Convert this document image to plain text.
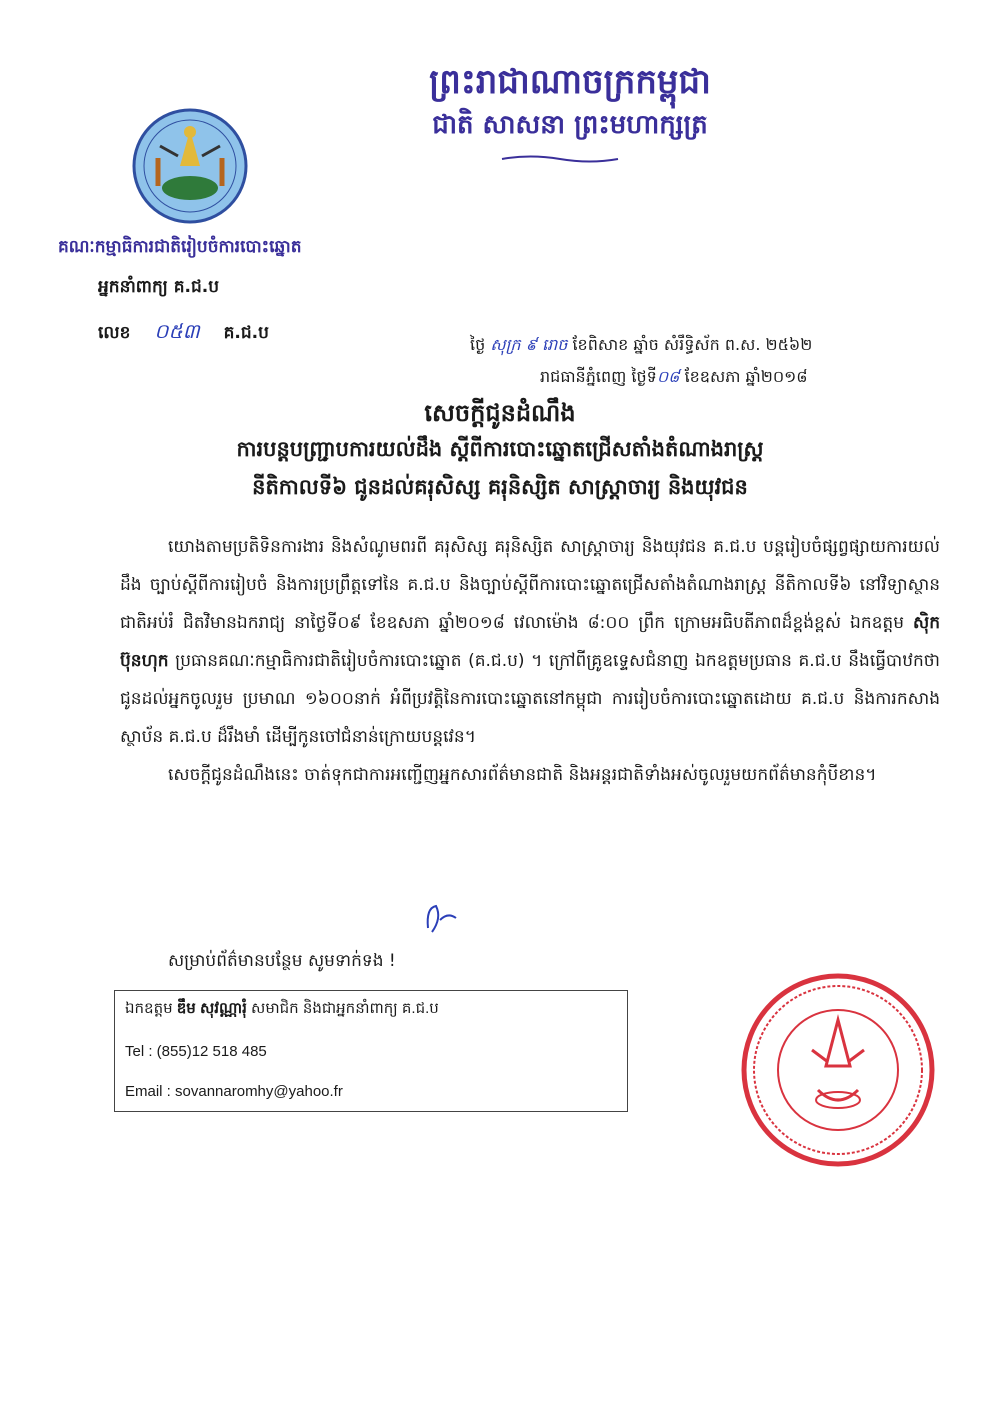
ព្រះរាជាណាចក្រកម្ពុជា
ជាតិ សាសនា ព្រះមហាក្សត្រ
គណៈកម្មាធិការជាតិរៀបចំការបោះឆ្នោត
អ្នកនាំពាក្យ គ.ជ.ប
លេខ ០៥៣ គ.ជ.ប
ថ្ងៃ សុក្រ ៩ រោច ខែពិសាខ ឆ្នាំច សំរឹទ្ធិស័ក ព.ស. ២៥៦២
រាជធានីភ្នំពេញ ថ្ងៃទី០៨ ខែឧសភា ឆ្នាំ២០១៨
សេចក្តីជូនដំណឹង
ការបន្តបញ្ជ្រាបការយល់ដឹង ស្តីពីការបោះឆ្នោតជ្រើសតាំងតំណាងរាស្ត្រ
នីតិកាលទី៦ ជូនដល់គរុសិស្ស គរុនិស្សិត សាស្ត្រាចារ្យ និងយុវជន

យោងតាមប្រតិទិនការងារ និងសំណូមពរពី គរុសិស្ស គរុនិស្សិត សាស្ត្រាចារ្យ និងយុវជន គ.ជ.ប បន្តរៀបចំផ្សព្វផ្សាយការយល់ដឹង ច្បាប់ស្តីពីការរៀបចំ និងការប្រព្រឹត្តទៅនៃ គ.ជ.ប និងច្បាប់ស្តីពីការបោះឆ្នោតជ្រើសតាំងតំណាងរាស្ត្រ នីតិកាលទី៦ នៅវិទ្យាស្ថានជាតិអប់រំ ជិតវិមានឯករាជ្យ នាថ្ងៃទី០៩ ខែឧសភា ឆ្នាំ២០១៨ វេលាម៉ោង ៨:០០ ព្រឹក ក្រោមអធិបតីភាពដ៏ខ្ពង់ខ្ពស់ ឯកឧត្តម ស៊ិក ប៊ុនហុក ប្រធានគណៈកម្មាធិការជាតិរៀបចំការបោះឆ្នោត (គ.ជ.ប) ។ ក្រៅពីគ្រូឧទ្ទេសជំនាញ ឯកឧត្តមប្រធាន គ.ជ.ប នឹងធ្វើបាឋកថា ជូនដល់អ្នកចូលរួម ប្រមាណ ១៦០០នាក់ អំពីប្រវត្តិនៃការបោះឆ្នោតនៅកម្ពុជា ការរៀបចំការបោះឆ្នោតដោយ គ.ជ.ប និងការកសាងស្ថាប័ន គ.ជ.ប ដ៏រឹងមាំ ដើម្បីកូនចៅជំនាន់ក្រោយបន្តវេន។

សេចក្តីជូនដំណឹងនេះ ចាត់ទុកជាការអញ្ជើញអ្នកសារព័ត៌មានជាតិ និងអន្តរជាតិទាំងអស់ចូលរួមយកព័ត៌មានកុំបីខាន។

សម្រាប់ព័ត៌មានបន្ថែម សូមទាក់ទង !
ឯកឧត្តម ឌឹម សុវណ្ណារុំ សមាជិក និងជាអ្នកនាំពាក្យ គ.ជ.ប
Tel : (855)12 518 485
Email : sovannaromhy@yahoo.fr
